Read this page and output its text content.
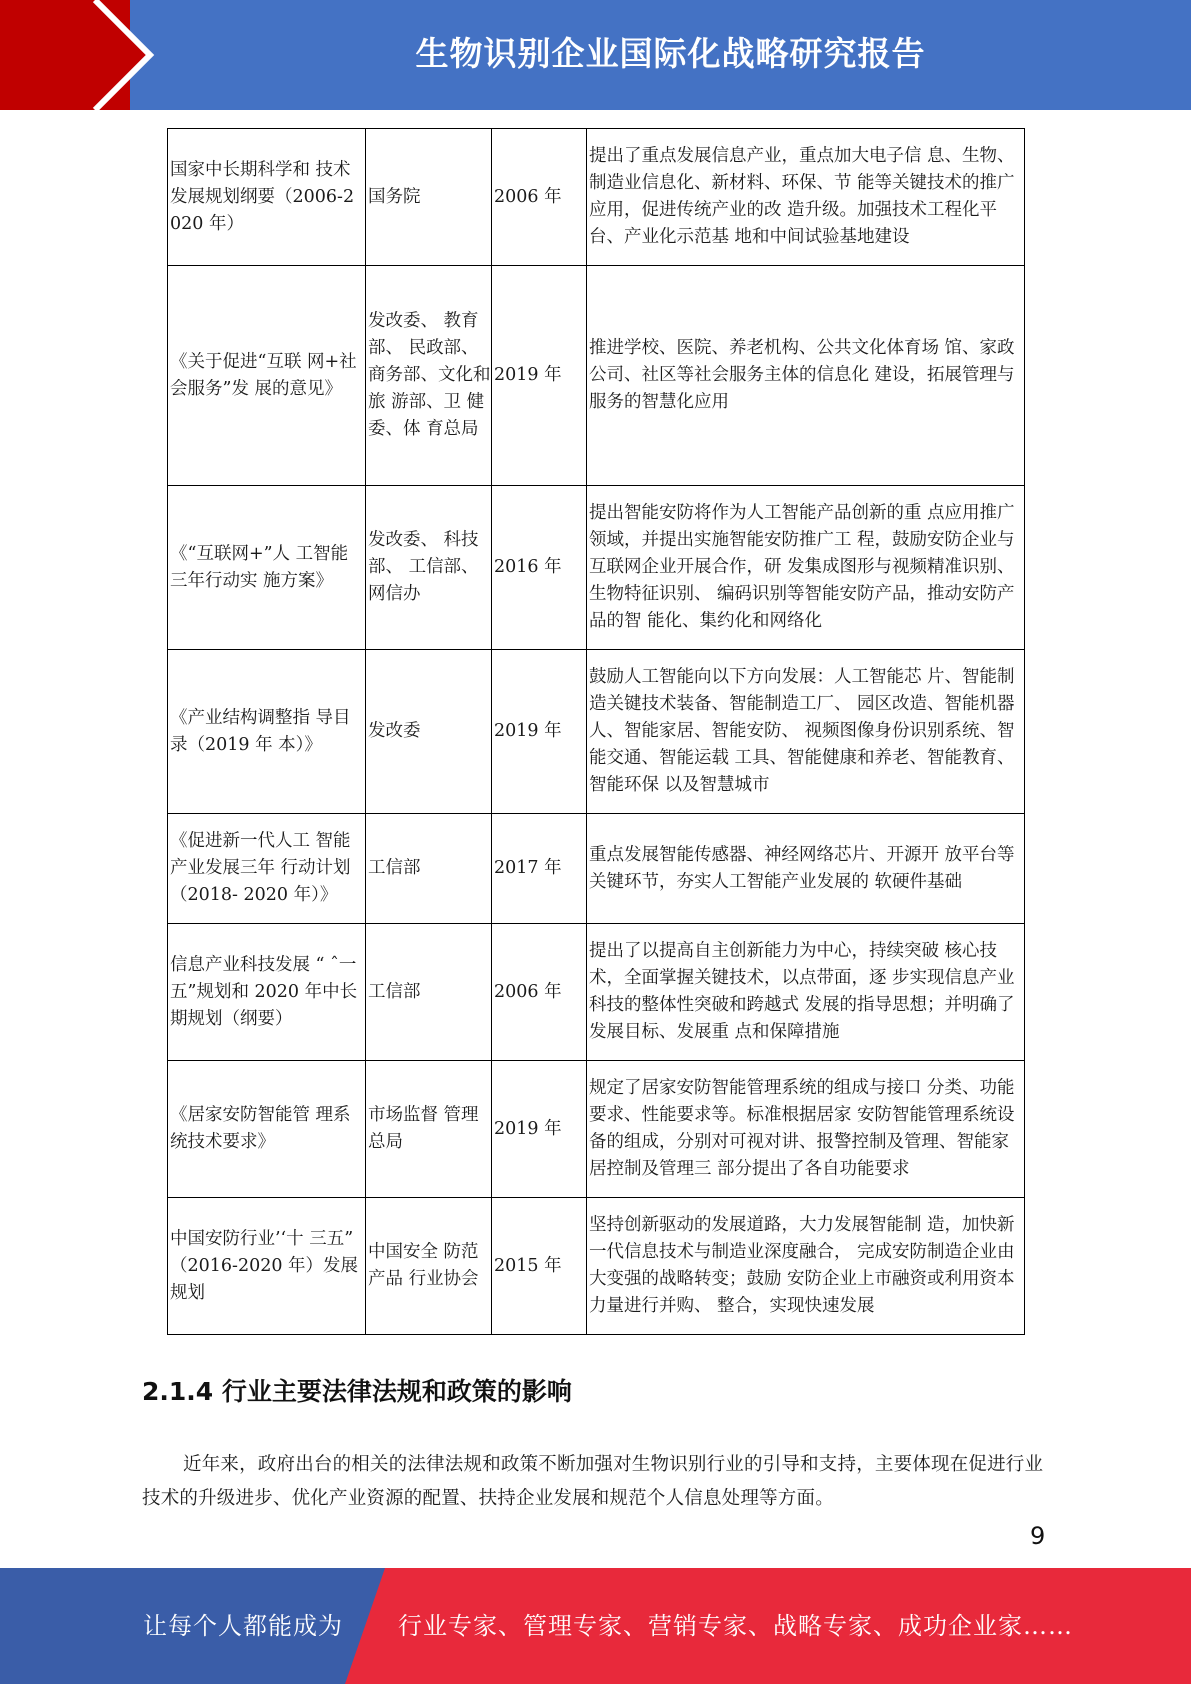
生物识别企业国际化战略研究报告
国家中长期科学和 技术发展规划纲要（2006-2020 年）	国务院	2006 年	提出了重点发展信息产业，重点加大电子信 息、生物、制造业信息化、新材料、环保、节 能等关键技术的推广应用，促进传统产业的改 造升级。加强技术工程化平台、产业化示范基 地和中间试验基地建设
《关于促进“互联 网+社会服务”发 展的意见》	发改委、 教育部、 民政部、 商务部、文化和旅 游部、卫 健委、体 育总局	2019 年	推进学校、医院、养老机构、公共文化体育场 馆、家政公司、社区等社会服务主体的信息化 建设，拓展管理与服务的智慧化应用
《“互联网+”人 工智能三年行动实 施方案》	发改委、 科技部、 工信部、 网信办	2016 年	提出智能安防将作为人工智能产品创新的重 点应用推广领域，并提出实施智能安防推广工 程，鼓励安防企业与互联网企业开展合作，研 发集成图形与视频精准识别、生物特征识别、 编码识别等智能安防产品，推动安防产品的智 能化、集约化和网络化
《产业结构调整指 导目录（2019 年 本）》	发改委	2019 年	鼓励人工智能向以下方向发展：人工智能芯 片、智能制造关键技术装备、智能制造工厂、 园区改造、智能机器人、智能家居、智能安防、 视频图像身份识别系统、智能交通、智能运载 工具、智能健康和养老、智能教育、智能环保 以及智慧城市
《促进新一代人工 智能产业发展三年 行动计划（2018- 2020 年）》	工信部	2017 年	重点发展智能传感器、神经网络芯片、开源开 放平台等关键环节，夯实人工智能产业发展的 软硬件基础
信息产业科技发展 “ ˆ一五”规划和 2020 年中长期规划（纲要）	工信部	2006 年	提出了以提高自主创新能力为中心，持续突破 核心技术，全面掌握关键技术，以点带面，逐 步实现信息产业科技的整体性突破和跨越式 发展的指导思想；并明确了发展目标、发展重 点和保障措施
《居家安防智能管 理系统技术要求》	市场监督 管理总局	2019 年	规定了居家安防智能管理系统的组成与接口 分类、功能要求、性能要求等。标准根据居家 安防智能管理系统设备的组成，分别对可视对讲、报警控制及管理、智能家居控制及管理三 部分提出了各自功能要求
中国安防行业’‘十 三五” （2016-2020 年）发展规划	中国安全 防范产品 行业协会	2015 年	坚持创新驱动的发展道路，大力发展智能制 造，加快新一代信息技术与制造业深度融合， 完成安防制造企业由大变强的战略转变；鼓励 安防企业上市融资或利用资本力量进行并购、 整合，实现快速发展
2.1.4 行业主要法律法规和政策的影响
近年来，政府出台的相关的法律法规和政策不断加强对生物识别行业的引导和支持，主要体现在促进行业技术的升级进步、优化产业资源的配置、扶持企业发展和规范个人信息处理等方面。
9
让每个人都能成为 行业专家、管理专家、营销专家、战略专家、成功企业家……
